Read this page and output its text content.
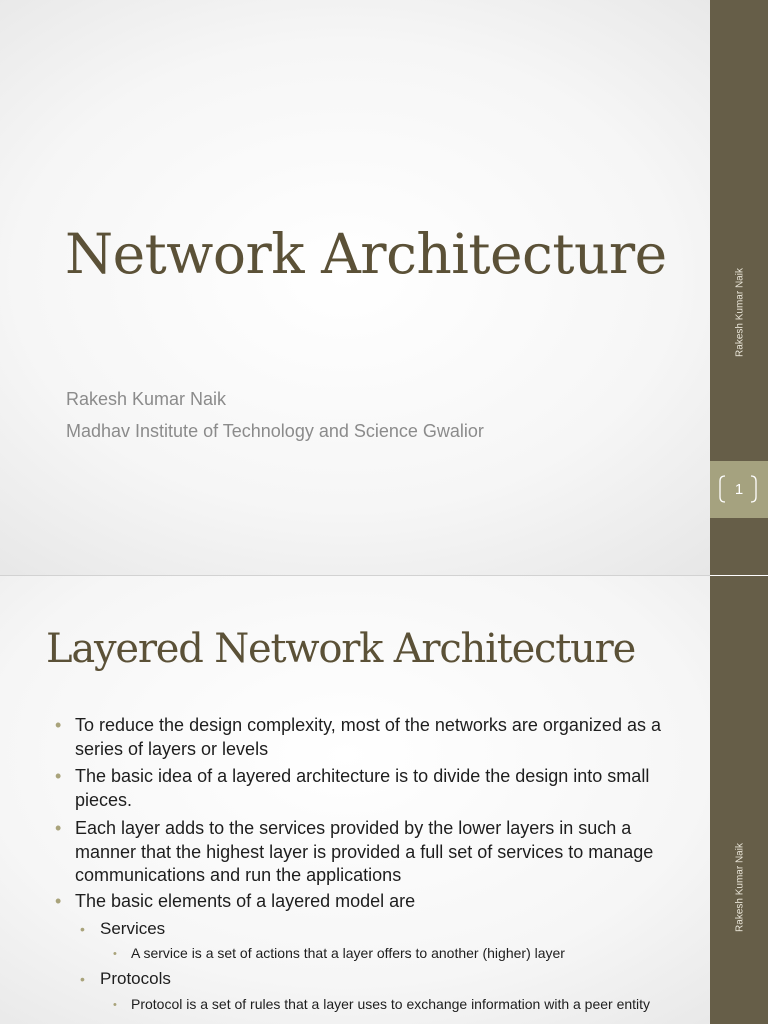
Network Architecture
Rakesh Kumar Naik
Madhav Institute of Technology and Science Gwalior
1
Rakesh Kumar Naik
Rakesh Kumar Naik
Layered Network Architecture
• To reduce the design complexity, most of the networks are organized as a series of layers or levels
• The basic idea of a layered architecture is to divide the design into small pieces.
• Each layer adds to the services provided by the lower layers in such a manner that the highest layer is provided a full set of services to manage communications and run the applications
• The basic elements of a layered model are
• Services
• A service is a set of actions that a layer offers to another (higher) layer
• Protocols
• Protocol is a set of rules that a layer uses to exchange information with a peer entity
